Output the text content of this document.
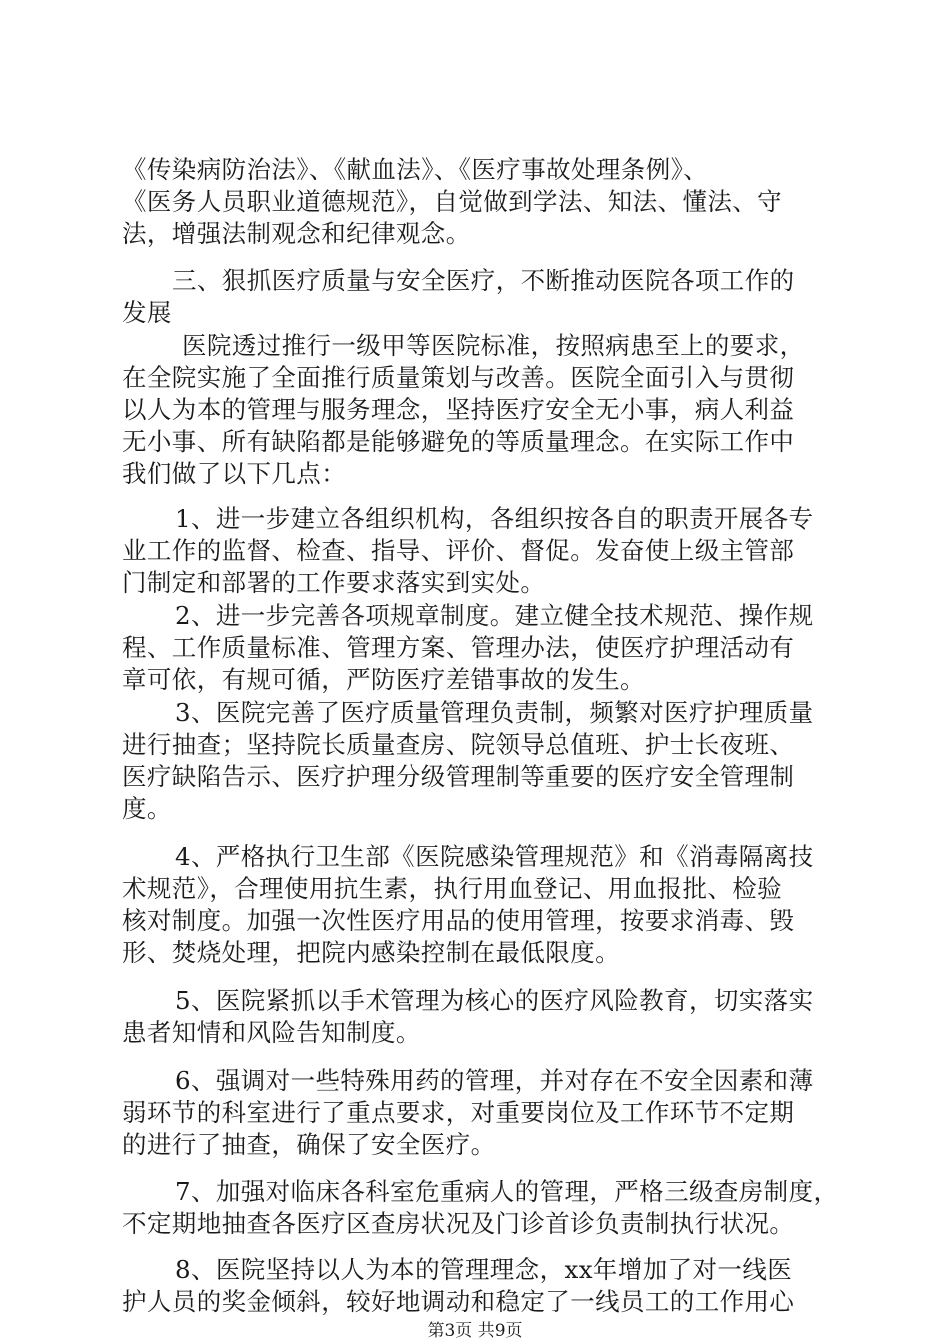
《传染病防治法》、《献血法》、《医疗事故处理条例》、
《医务人员职业道德规范》，自觉做到学法、知法、懂法、守
法，增强法制观念和纪律观念。
三、狠抓医疗质量与安全医疗，不断推动医院各项工作的
发展
医院透过推行一级甲等医院标准，按照病患至上的要求，
在全院实施了全面推行质量策划与改善。医院全面引入与贯彻
以人为本的管理与服务理念，坚持医疗安全无小事，病人利益
无小事、所有缺陷都是能够避免的等质量理念。在实际工作中
我们做了以下几点：
1、进一步建立各组织机构，各组织按各自的职责开展各专
业工作的监督、检查、指导、评价、督促。发奋使上级主管部
门制定和部署的工作要求落实到实处。
2、进一步完善各项规章制度。建立健全技术规范、操作规
程、工作质量标准、管理方案、管理办法，使医疗护理活动有
章可依，有规可循，严防医疗差错事故的发生。
3、医院完善了医疗质量管理负责制，频繁对医疗护理质量
进行抽查；坚持院长质量查房、院领导总值班、护士长夜班、
医疗缺陷告示、医疗护理分级管理制等重要的医疗安全管理制
度。
4、严格执行卫生部《医院感染管理规范》和《消毒隔离技
术规范》，合理使用抗生素，执行用血登记、用血报批、检验
核对制度。加强一次性医疗用品的使用管理，按要求消毒、毁
形、焚烧处理，把院内感染控制在最低限度。
5、医院紧抓以手术管理为核心的医疗风险教育，切实落实
患者知情和风险告知制度。
6、强调对一些特殊用药的管理，并对存在不安全因素和薄
弱环节的科室进行了重点要求，对重要岗位及工作环节不定期
的进行了抽查，确保了安全医疗。
7、加强对临床各科室危重病人的管理，严格三级查房制度，
不定期地抽查各医疗区查房状况及门诊首诊负责制执行状况。
8、医院坚持以人为本的管理理念，xx年增加了对一线医
护人员的奖金倾斜，较好地调动和稳定了一线员工的工作用心
第3页 共9页
